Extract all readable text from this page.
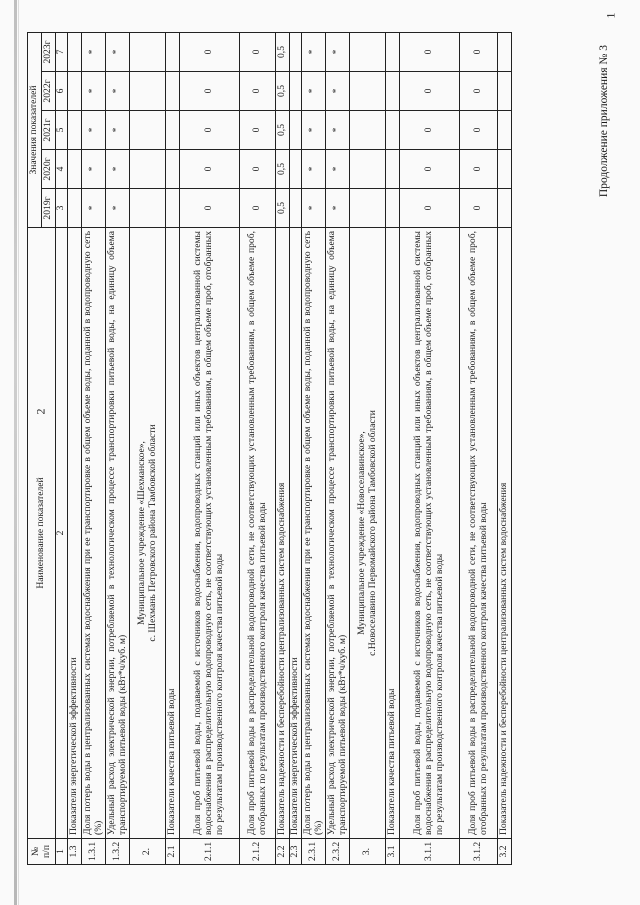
1
2
Продолжение приложения № 3
№ п/п	Наименование показателей	Значения показателей				
		2019г	2020г	2021г	2022г	2023г
1	2	3	4	5	6	7
1.3	Показатели энергетической эффективности					
1.3.1	Доля потерь воды в централизованных системах водоснабжения при ее транспортировке в общем объеме воды, поданной в водопроводную сеть (%)	*	*	*	*	*
1.3.2	Удельный расход электрической энергии, потребляемой в технологическом процессе транспортировки питьевой воды, на единицу объема транспортируемой питьевой воды (кВт*ч/куб. м)	*	*	*	*	*
2.	Муниципальное учреждение «Шехманское», с. Шехмань Петровского района Тамбовской области					

2.1	Показатели качества питьевой воды					
2.1.1	Доля проб питьевой воды, подаваемой с источников водоснабжения, водопроводных станций или иных объектов централизованной системы водоснабжения в распределительную водопроводную сеть, не соответствующих установленным требованиям, в общем объеме проб, отобранных по результатам производственного контроля качества питьевой воды	0	0	0	0	0
2.1.2	Доля проб питьевой воды в распределительной водопроводной сети, не соответствующих установленным требованиям, в общем объеме проб, отобранных по результатам производственного контроля качества питьевой воды	0	0	0	0	0
2.2	Показатель надежности и бесперебойности централизованных систем водоснабжения	0,5	0,5	0,5	0,5	0,5
2.3	Показатели энергетической эффективности					
2.3.1	Доля потерь воды в централизованных системах водоснабжения при ее транспортировке в общем объеме воды, поданной в водопроводную сеть (%)	*	*	*	*	*
2.3.2	Удельный расход электрической энергии, потребляемой в технологическом процессе транспортировки питьевой воды, на единицу объема транспортируемой питьевой воды (кВт*ч/куб. м)	*	*	*	*	*
3.	Муниципальное учреждение «Новоселавинское», с.Новоселавино Первомайского района Тамбовской области					

3.1	Показатели качества питьевой воды					
3.1.1	Доля проб питьевой воды, подаваемой с источников водоснабжения, водопроводных станций или иных объектов централизованной системы водоснабжения в распределительную водопроводную сеть, не соответствующих установленным требованиям, в общем объеме проб, отобранных по результатам производственного контроля качества питьевой воды	0	0	0	0	0
3.1.2	Доля проб питьевой воды в распределительной водопроводной сети, не соответствующих установленным требованиям, в общем объеме проб, отобранных по результатам производственного контроля качества питьевой воды	0	0	0	0	0
3.2	Показатель надежности и бесперебойности централизованных систем водоснабжения					
